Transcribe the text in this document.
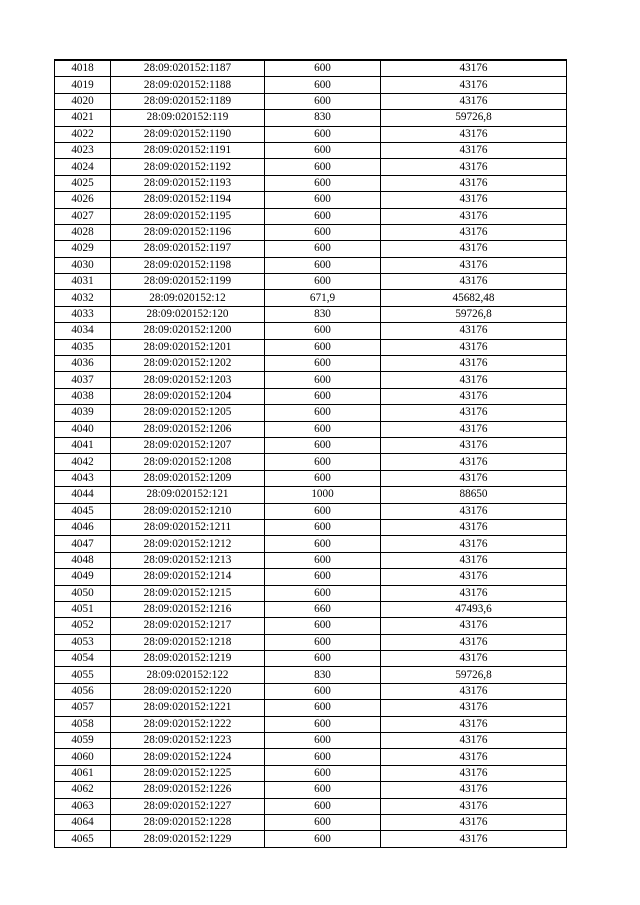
4018	28:09:020152:1187	600	43176
4019	28:09:020152:1188	600	43176
4020	28:09:020152:1189	600	43176
4021	28:09:020152:119	830	59726,8
4022	28:09:020152:1190	600	43176
4023	28:09:020152:1191	600	43176
4024	28:09:020152:1192	600	43176
4025	28:09:020152:1193	600	43176
4026	28:09:020152:1194	600	43176
4027	28:09:020152:1195	600	43176
4028	28:09:020152:1196	600	43176
4029	28:09:020152:1197	600	43176
4030	28:09:020152:1198	600	43176
4031	28:09:020152:1199	600	43176
4032	28:09:020152:12	671,9	45682,48
4033	28:09:020152:120	830	59726,8
4034	28:09:020152:1200	600	43176
4035	28:09:020152:1201	600	43176
4036	28:09:020152:1202	600	43176
4037	28:09:020152:1203	600	43176
4038	28:09:020152:1204	600	43176
4039	28:09:020152:1205	600	43176
4040	28:09:020152:1206	600	43176
4041	28:09:020152:1207	600	43176
4042	28:09:020152:1208	600	43176
4043	28:09:020152:1209	600	43176
4044	28:09:020152:121	1000	88650
4045	28:09:020152:1210	600	43176
4046	28:09:020152:1211	600	43176
4047	28:09:020152:1212	600	43176
4048	28:09:020152:1213	600	43176
4049	28:09:020152:1214	600	43176
4050	28:09:020152:1215	600	43176
4051	28:09:020152:1216	660	47493,6
4052	28:09:020152:1217	600	43176
4053	28:09:020152:1218	600	43176
4054	28:09:020152:1219	600	43176
4055	28:09:020152:122	830	59726,8
4056	28:09:020152:1220	600	43176
4057	28:09:020152:1221	600	43176
4058	28:09:020152:1222	600	43176
4059	28:09:020152:1223	600	43176
4060	28:09:020152:1224	600	43176
4061	28:09:020152:1225	600	43176
4062	28:09:020152:1226	600	43176
4063	28:09:020152:1227	600	43176
4064	28:09:020152:1228	600	43176
4065	28:09:020152:1229	600	43176
